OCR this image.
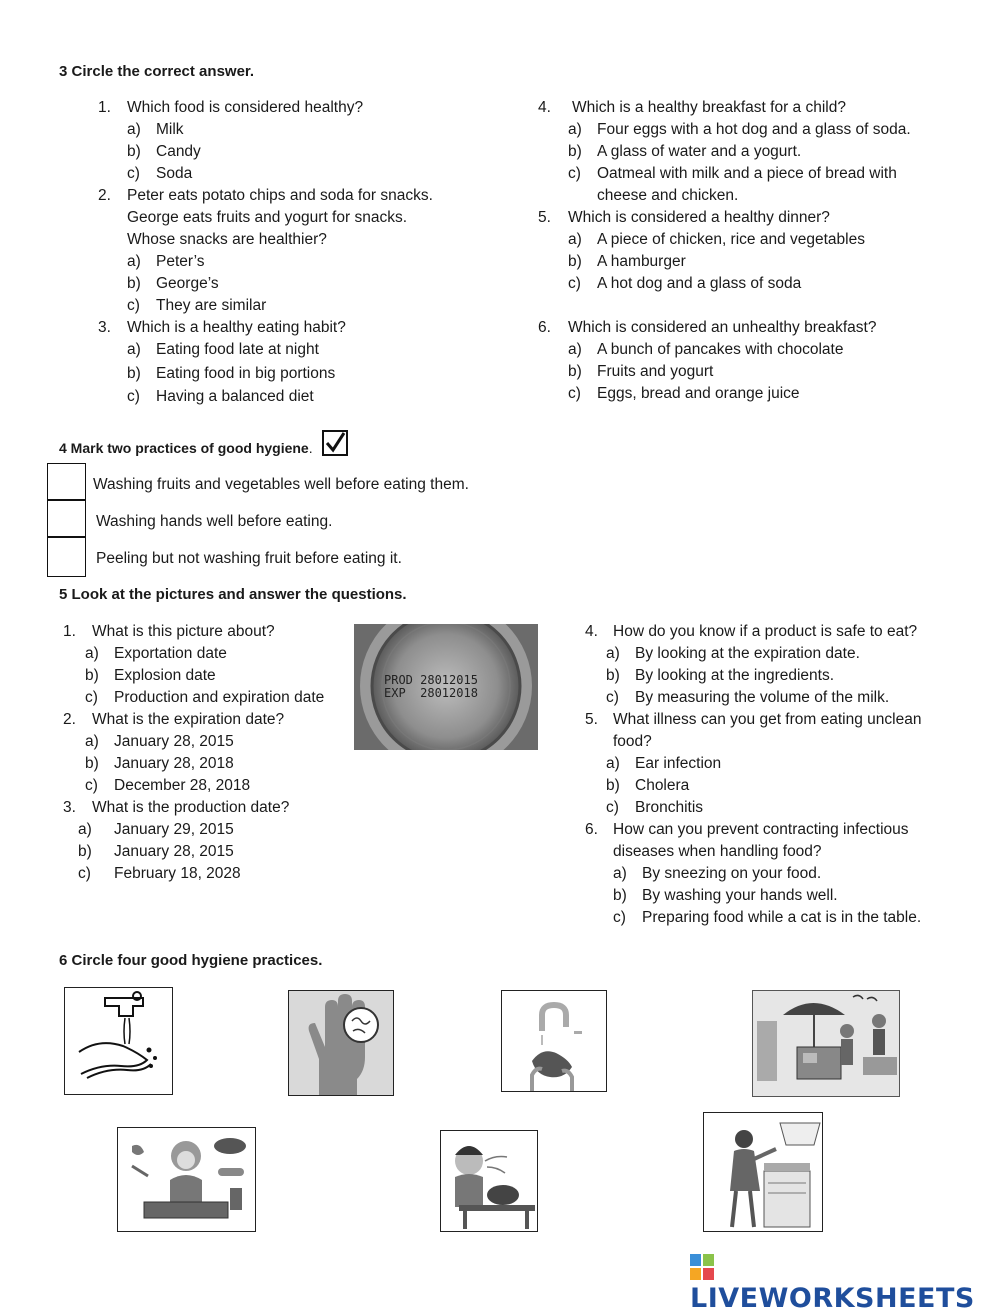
3 Circle the correct answer.
1. Which food is considered healthy?
a) Milk
b) Candy
c) Soda
2. Peter eats potato chips and soda for snacks.
George eats fruits and yogurt for snacks.
Whose snacks are healthier?
a) Peter’s
b) George’s
c) They are similar
3. Which is a healthy eating habit?
a) Eating food late at night
b) Eating food in big portions
c) Having a balanced diet
4. Which is a healthy breakfast for a child?
a) Four eggs with a hot dog and a glass of soda.
b) A glass of water and a yogurt.
c) Oatmeal with milk and a piece of bread with
cheese and chicken.
5. Which is considered a healthy dinner?
a) A piece of chicken, rice and vegetables
b) A hamburger
c) A hot dog and a glass of soda
6. Which is considered an unhealthy breakfast?
a) A bunch of pancakes with chocolate
b) Fruits and yogurt
c) Eggs, bread and orange juice
4 Mark two practices of good hygiene.
Washing fruits and vegetables well before eating them.
Washing hands well before eating.
Peeling but not washing fruit before eating it.
5 Look at the pictures and answer the questions.
1. What is this picture about?
a) Exportation date
b) Explosion date
c) Production and expiration date
2. What is the expiration date?
a) January 28, 2015
b) January 28, 2018
c) December 28, 2018
3. What is the production date?
a) January 29, 2015
b) January 28, 2015
c) February 18, 2028
PROD 28012015
EXP  28012018
4. How do you know if a product is safe to eat?
a) By looking at the expiration date.
b) By looking at the ingredients.
c) By measuring the volume of the milk.
5. What illness can you get from eating unclean
food?
a) Ear infection
b) Cholera
c) Bronchitis
6. How can you prevent contracting infectious
diseases when handling food?
a) By sneezing on your food.
b) By washing your hands well.
c) Preparing food while a cat is in the table.
6 Circle four good hygiene practices.
LIVEWORKSHEETS
